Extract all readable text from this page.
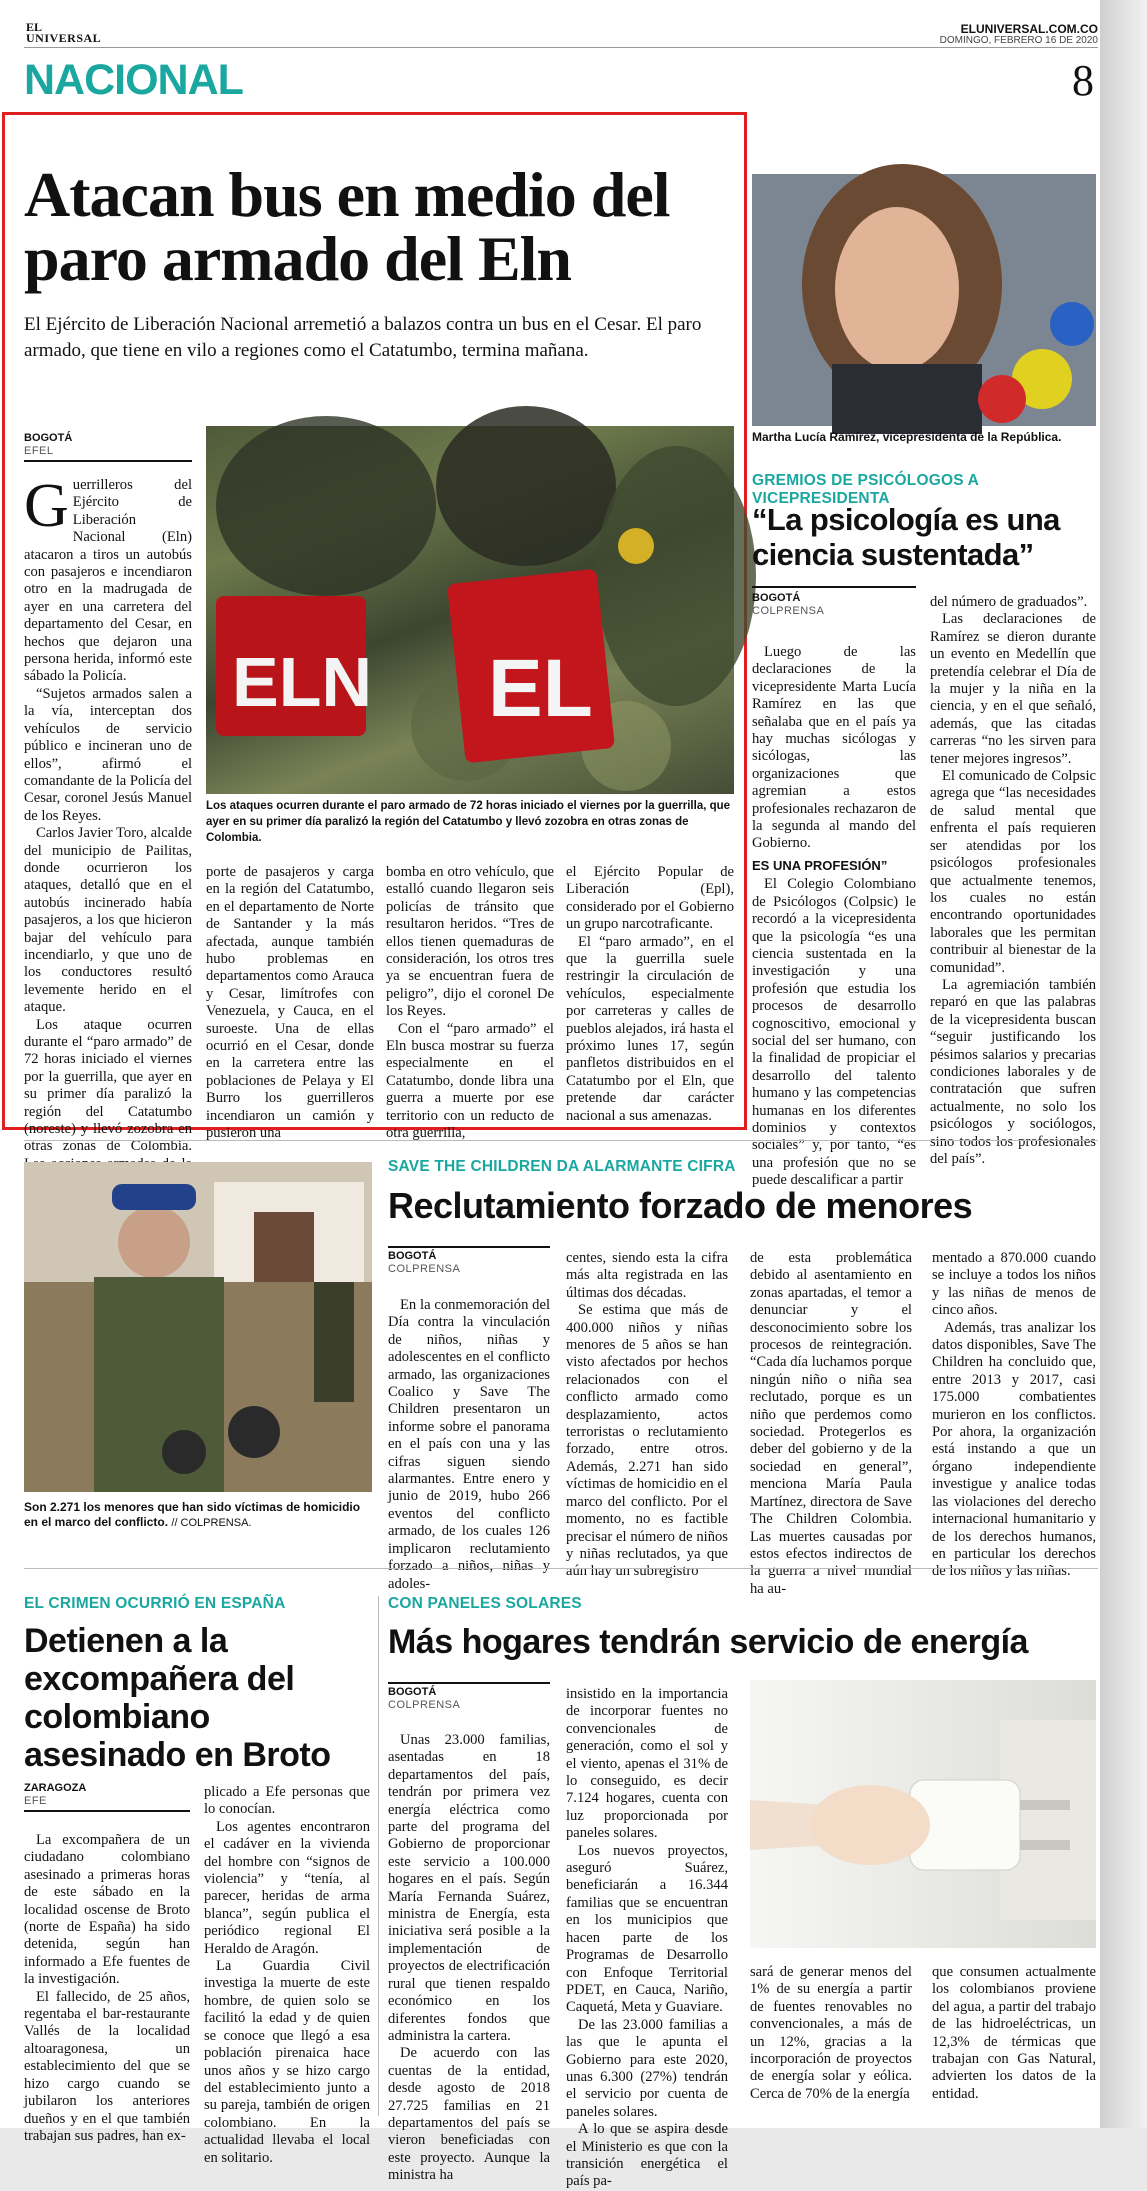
EL
UNIVERSAL
ELUNIVERSAL.COM.CO
DOMINGO, FEBRERO 16 DE 2020
NACIONAL	8
Atacan bus en medio del paro armado del Eln
El Ejército de Liberación Nacional arremetió a balazos contra un bus en el Cesar. El paro armado, que tiene en vilo a regiones como el Catatumbo, termina mañana.
BOGOTÁ
EFEL
ELN EL
Los ataques ocurren durante el paro armado de 72 horas iniciado el viernes por la guerrilla, que ayer en su primer día paralizó la región del Catatumbo y llevó zozobra en otras zonas de Colombia.

Guerrilleros del Ejército de Liberación Nacional (Eln) atacaron a tiros un autobús con pasajeros e incendiaron otro en la madrugada de ayer en una carretera del departamento del Cesar, en hechos que dejaron una persona herida, informó este sábado la Policía.

“Sujetos armados salen a la vía, interceptan dos vehículos de servicio público e incineran uno de ellos”, afirmó el comandante de la Policía del Cesar, coronel Jesús Manuel de los Reyes.

Carlos Javier Toro, alcalde del municipio de Pailitas, donde ocurrieron los ataques, detalló que en el autobús incinerado había pasajeros, a los que hicieron bajar del vehículo para incendiarlo, y que uno de los conductores resultó levemente herido en el ataque.

Los ataque ocurren durante el “paro armado” de 72 horas iniciado el viernes por la guerrilla, que ayer en su primer día paralizó la región del Catatumbo (noreste) y llevó zozobra en otras zonas de Colombia.

porte de pasajeros y carga en la región del Catatumbo, en el departamento de Norte de Santander y la más afectada, aunque también hubo problemas en departamentos como Arauca y Cesar, limítrofes con Venezuela, y Cauca, en el suroeste. Una de ellas ocurrió en el Cesar, donde en la carretera entre las poblaciones de Pelaya y El Burro los guerrilleros incendiaron un camión y pusieron una

bomba en otro vehículo, que estalló cuando llegaron seis policías de tránsito que resultaron heridos. “Tres de ellos tienen quemaduras de consideración, los otros tres ya se encuentran fuera de peligro”, dijo el coronel De los Reyes.

Con el “paro armado” el Eln busca mostrar su fuerza especialmente en el Catatumbo, donde libra una guerra a muerte por ese territorio con un reducto de otra guerrilla,

el Ejército Popular de Liberación (Epl), considerado por el Gobierno un grupo narcotraficante.

El “paro armado”, en el que la guerrilla suele restringir la circulación de vehículos, especialmente por carreteras y calles de pueblos alejados, irá hasta el próximo lunes 17, según panfletos distribuidos en el Catatumbo por el Eln, que pretende dar carácter nacional a sus amenazas.

Martha Lucía Ramírez, vicepresidenta de la República.
GREMIOS DE PSICÓLOGOS A VICEPRESIDENTA
“La psicología es una ciencia sustentada”
BOGOTÁ
COLPRENSA

Luego de las declaraciones de la vicepresidente Marta Lucía Ramírez en las que señalaba que en el país ya hay muchas sicólogas y sicólogas, las organizaciones que agremian a estos profesionales rechazaron de la segunda al mando del Gobierno.

ES UNA PROFESIÓN”

El Colegio Colombiano de Psicólogos (Colpsic) le recordó a la vicepresidenta que la psicología “es una ciencia sustentada en la investigación y una profesión que estudia los procesos de desarrollo cognoscitivo, emocional y social del ser humano, con la finalidad de propiciar el desarrollo del talento humano y las competencias humanas en los diferentes dominios y contextos sociales” y, por tanto, “es una profesión que no se puede descalificar a partir

del número de graduados”.

Las declaraciones de Ramírez se dieron durante un evento en Medellín que pretendía celebrar el Día de la mujer y la niña en la ciencia, y en el que señaló, además, que las citadas carreras “no les sirven para tener mejores ingresos”.

El comunicado de Colpsic agrega que “las necesidades de salud mental que enfrenta el país requieren ser atendidas por los psicólogos profesionales que actualmente tenemos, los cuales no están encontrando oportunidades laborales que les permitan contribuir al bienestar de la comunidad”.

La agremiación también reparó en que las palabras de la vicepresidenta buscan “seguir justificando los pésimos salarios y precarias condiciones laborales y de contratación que sufren actualmente, no solo los psicólogos y sociólogos, sino todos los profesionales del país”.

Son 2.271 los menores que han sido víctimas de homicidio en el marco del conflicto. // COLPRENSA.
SAVE THE CHILDREN DA ALARMANTE CIFRA
Reclutamiento forzado de menores
BOGOTÁ
COLPRENSA

En la conmemoración del Día contra la vinculación de niños, niñas y adolescentes en el conflicto armado, las organizaciones Coalico y Save The Children presentaron un informe sobre el panorama en el país con una y las cifras siguen siendo alarmantes. Entre enero y junio de 2019, hubo 266 eventos del conflicto armado, de los cuales 126 implicaron reclutamiento forzado a niños, niñas y adoles-

centes, siendo esta la cifra más alta registrada en las últimas dos décadas.

Se estima que más de 400.000 niños y niñas menores de 5 años se han visto afectados por hechos relacionados con el conflicto armado como desplazamiento, actos terroristas o reclutamiento forzado, entre otros. Además, 2.271 han sido víctimas de homicidio en el marco del conflicto. Por el momento, no es factible precisar el número de niños y niñas reclutados, ya que aún hay un subregistro

de esta problemática debido al asentamiento en zonas apartadas, el temor a denunciar y el desconocimiento sobre los procesos de reintegración. “Cada día luchamos porque ningún niño o niña sea reclutado, porque es un niño que perdemos como sociedad. Protegerlos es deber del gobierno y de la sociedad en general”, menciona María Paula Martínez, directora de Save The Children Colombia. Las muertes causadas por estos efectos indirectos de la guerra a nivel mundial ha au-

mentado a 870.000 cuando se incluye a todos los niños y las niñas de menos de cinco años.

Además, tras analizar los datos disponibles, Save The Children ha concluido que, entre 2013 y 2017, casi 175.000 combatientes murieron en los conflictos. Por ahora, la organización está instando a que un órgano independiente investigue y analice todas las violaciones del derecho internacional humanitario y de los derechos humanos, en particular los derechos de los niños y las niñas.

EL CRIMEN OCURRIÓ EN ESPAÑA
Detienen a la excompañera del colombiano asesinado en Broto
ZARAGOZA
EFE

La excompañera de un ciudadano colombiano asesinado a primeras horas de este sábado en la localidad oscense de Broto (norte de España) ha sido detenida, según han informado a Efe fuentes de la investigación.

El fallecido, de 25 años, regentaba el bar-restaurante Vallés de la localidad altoaragonesa, un establecimiento del que se hizo cargo cuando se jubilaron los anteriores dueños y en el que también trabajan sus padres, han ex-

plicado a Efe personas que lo conocían.

Los agentes encontraron el cadáver en la vivienda del hombre con “signos de violencia” y “tenía, al parecer, heridas de arma blanca”, según publica el periódico regional El Heraldo de Aragón.

La Guardia Civil investiga la muerte de este hombre, de quien solo se facilitó la edad y de quien se conoce que llegó a esa población pirenaica hace unos años y se hizo cargo del establecimiento junto a su pareja, también de origen colombiano. En la actualidad llevaba el local en solitario.

CON PANELES SOLARES
Más hogares tendrán servicio de energía
BOGOTÁ
COLPRENSA

Unas 23.000 familias, asentadas en 18 departamentos del país, tendrán por primera vez energía eléctrica como parte del programa del Gobierno de proporcionar este servicio a 100.000 hogares en el país. Según María Fernanda Suárez, ministra de Energía, esta iniciativa será posible a la implementación de proyectos de electrificación rural que tienen respaldo económico en los diferentes fondos que administra la cartera.

De acuerdo con las cuentas de la entidad, desde agosto de 2018 27.725 familias en 21 departamentos del país se vieron beneficiadas con este proyecto. Aunque la ministra ha

insistido en la importancia de incorporar fuentes no convencionales de generación, como el sol y el viento, apenas el 31% de lo conseguido, es decir 7.124 hogares, cuenta con luz proporcionada por paneles solares.

Los nuevos proyectos, aseguró Suárez, beneficiarán a 16.344 familias que se encuentran en los municipios que hacen parte de los Programas de Desarrollo con Enfoque Territorial PDET, en Cauca, Nariño, Caquetá, Meta y Guaviare.

De las 23.000 familias a las que le apunta el Gobierno para este 2020, unas 6.300 (27%) tendrán el servicio por cuenta de paneles solares.

A lo que se aspira desde el Ministerio es que con la transición energética el país pa-

sará de generar menos del 1% de su energía a partir de fuentes renovables no convencionales, a más de un 12%, gracias a la incorporación de proyectos de energía solar y eólica. Cerca de 70% de la energía

que consumen actualmente los colombianos proviene del agua, a partir del trabajo de las hidroeléctricas, un 12,3% de térmicas que trabajan con Gas Natural, advierten los datos de la entidad.
